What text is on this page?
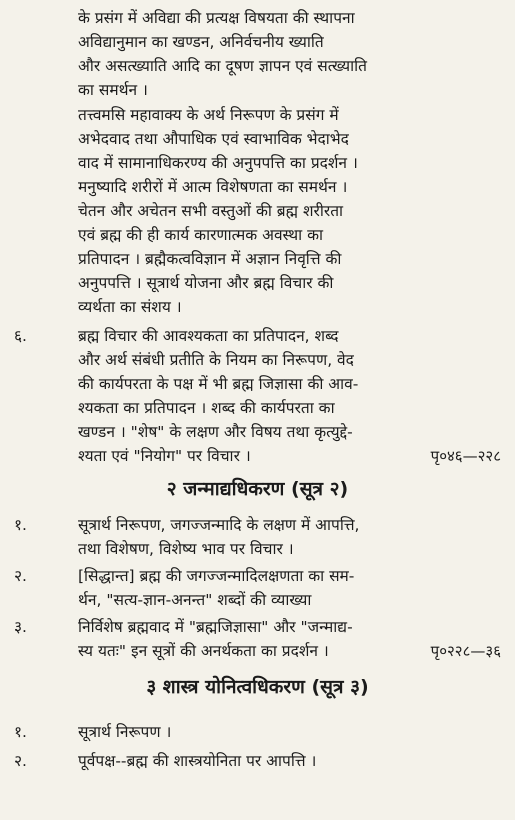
के प्रसंग में अविद्या की प्रत्यक्ष विषयता की स्थापना
अविद्यानुमान का खण्डन, अनिर्वचनीय ख्याति
और असत्ख्याति आदि का दूषण ज्ञापन एवं सत्ख्याति
का समर्थन ।
तत्त्वमसि महावाक्य के अर्थ निरूपण के प्रसंग में
अभेदवाद तथा औपाधिक एवं स्वाभाविक भेदाभेद
वाद में सामानाधिकरण्य की अनुपपत्ति का प्रदर्शन ।
मनुष्यादि शरीरों में आत्म विशेषणता का समर्थन ।
चेतन और अचेतन सभी वस्तुओं की ब्रह्म शरीरता
एवं ब्रह्म की ही कार्य कारणात्मक अवस्था का
प्रतिपादन । ब्रह्मैकत्वविज्ञान में अज्ञान निवृत्ति की
अनुपपत्ति । सूत्रार्थ योजना और ब्रह्म विचार की
व्यर्थता का संशय ।
६.	ब्रह्म विचार की आवश्यकता का प्रतिपादन, शब्द
और अर्थ संबंधी प्रतीति के नियम का निरूपण, वेद
की कार्यपरता के पक्ष में भी ब्रह्म जिज्ञासा की आव-
श्यकता का प्रतिपादन । शब्द की कार्यपरता का
खण्डन । "शेष" के लक्षण और विषय तथा कृत्युद्दे-
श्यता एवं "नियोग" पर विचार ।	पृ०४६—२२८
२ जन्माद्यधिकरण (सूत्र २)
१.	सूत्रार्थ निरूपण, जगज्जन्मादि के लक्षण में आपत्ति,
तथा विशेषण, विशेष्य भाव पर विचार ।
२.	[सिद्धान्त] ब्रह्म की जगज्जन्मादिलक्षणता का सम-
र्थन, "सत्य-ज्ञान-अनन्त" शब्दों की व्याख्या
३.	निर्विशेष ब्रह्मवाद में "ब्रह्मजिज्ञासा" और "जन्माद्य-
स्य यतः" इन सूत्रों की अनर्थकता का प्रदर्शन ।	पृ०२२८—३६
३ शास्त्र योनित्वधिकरण (सूत्र ३)
१.	सूत्रार्थ निरूपण ।
२.	पूर्वपक्ष--ब्रह्म की शास्त्रयोनिता पर आपत्ति ।
